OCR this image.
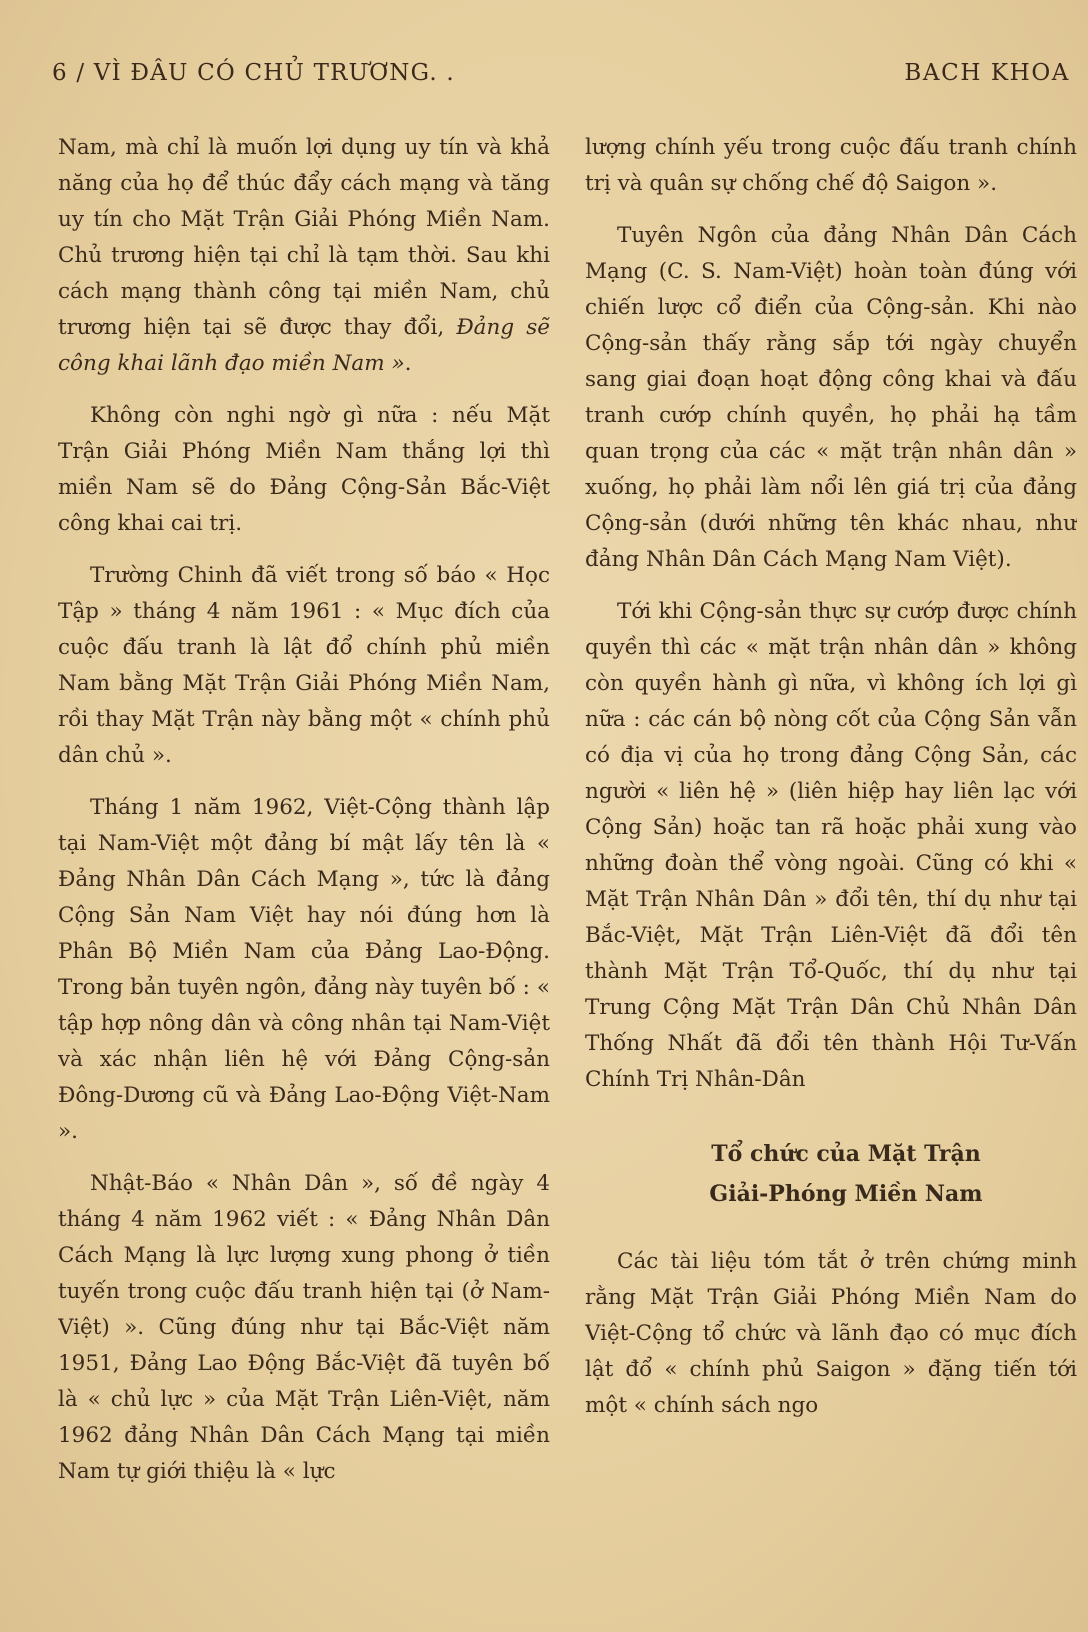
6 / VÌ ĐÂU CÓ CHỦ TRƯƠNG. .	BACH KHOA

Nam, mà chỉ là muốn lợi dụng uy tín và khả năng của họ để thúc đẩy cách mạng và tăng uy tín cho Mặt Trận Giải Phóng Miền Nam. Chủ trương hiện tại chỉ là tạm thời. Sau khi cách mạng thành công tại miền Nam, chủ trương hiện tại sẽ được thay đổi, Đảng sẽ công khai lãnh đạo miền Nam ».

Không còn nghi ngờ gì nữa : nếu Mặt Trận Giải Phóng Miền Nam thắng lợi thì miền Nam sẽ do Đảng Cộng-Sản Bắc-Việt công khai cai trị.

Trường Chinh đã viết trong số báo « Học Tập » tháng 4 năm 1961 : « Mục đích của cuộc đấu tranh là lật đổ chính phủ miền Nam bằng Mặt Trận Giải Phóng Miền Nam, rồi thay Mặt Trận này bằng một « chính phủ dân chủ ».

Tháng 1 năm 1962, Việt-Cộng thành lập tại Nam-Việt một đảng bí mật lấy tên là « Đảng Nhân Dân Cách Mạng », tức là đảng Cộng Sản Nam Việt hay nói đúng hơn là Phân Bộ Miền Nam của Đảng Lao-Động. Trong bản tuyên ngôn, đảng này tuyên bố : « tập hợp nông dân và công nhân tại Nam-Việt và xác nhận liên hệ với Đảng Cộng-sản Đông-Dương cũ và Đảng Lao-Động Việt-Nam ».

Nhật-Báo « Nhân Dân », số đề ngày 4 tháng 4 năm 1962 viết : « Đảng Nhân Dân Cách Mạng là lực lượng xung phong ở tiền tuyến trong cuộc đấu tranh hiện tại (ở Nam-Việt) ». Cũng đúng như tại Bắc-Việt năm 1951, Đảng Lao Động Bắc-Việt đã tuyên bố là « chủ lực » của Mặt Trận Liên-Việt, năm 1962 đảng Nhân Dân Cách Mạng tại miền Nam tự giới thiệu là « lực

lượng chính yếu trong cuộc đấu tranh chính trị và quân sự chống chế độ Saigon ».

Tuyên Ngôn của đảng Nhân Dân Cách Mạng (C. S. Nam-Việt) hoàn toàn đúng với chiến lược cổ điển của Cộng-sản. Khi nào Cộng-sản thấy rằng sắp tới ngày chuyển sang giai đoạn hoạt động công khai và đấu tranh cướp chính quyền, họ phải hạ tầm quan trọng của các « mặt trận nhân dân » xuống, họ phải làm nổi lên giá trị của đảng Cộng-sản (dưới những tên khác nhau, như đảng Nhân Dân Cách Mạng Nam Việt).

Tới khi Cộng-sản thực sự cướp được chính quyền thì các « mặt trận nhân dân » không còn quyền hành gì nữa, vì không ích lợi gì nữa : các cán bộ nòng cốt của Cộng Sản vẫn có địa vị của họ trong đảng Cộng Sản, các người « liên hệ » (liên hiệp hay liên lạc với Cộng Sản) hoặc tan rã hoặc phải xung vào những đoàn thể vòng ngoài. Cũng có khi « Mặt Trận Nhân Dân » đổi tên, thí dụ như tại Bắc-Việt, Mặt Trận Liên-Việt đã đổi tên thành Mặt Trận Tổ-Quốc, thí dụ như tại Trung Cộng Mặt Trận Dân Chủ Nhân Dân Thống Nhất đã đổi tên thành Hội Tư-Vấn Chính Trị Nhân-Dân

Tổ chức của Mặt Trận
Giải-Phóng Miền Nam

Các tài liệu tóm tắt ở trên chứng minh rằng Mặt Trận Giải Phóng Miền Nam do Việt-Cộng tổ chức và lãnh đạo có mục đích lật đổ « chính phủ Saigon » đặng tiến tới một « chính sách ngo
